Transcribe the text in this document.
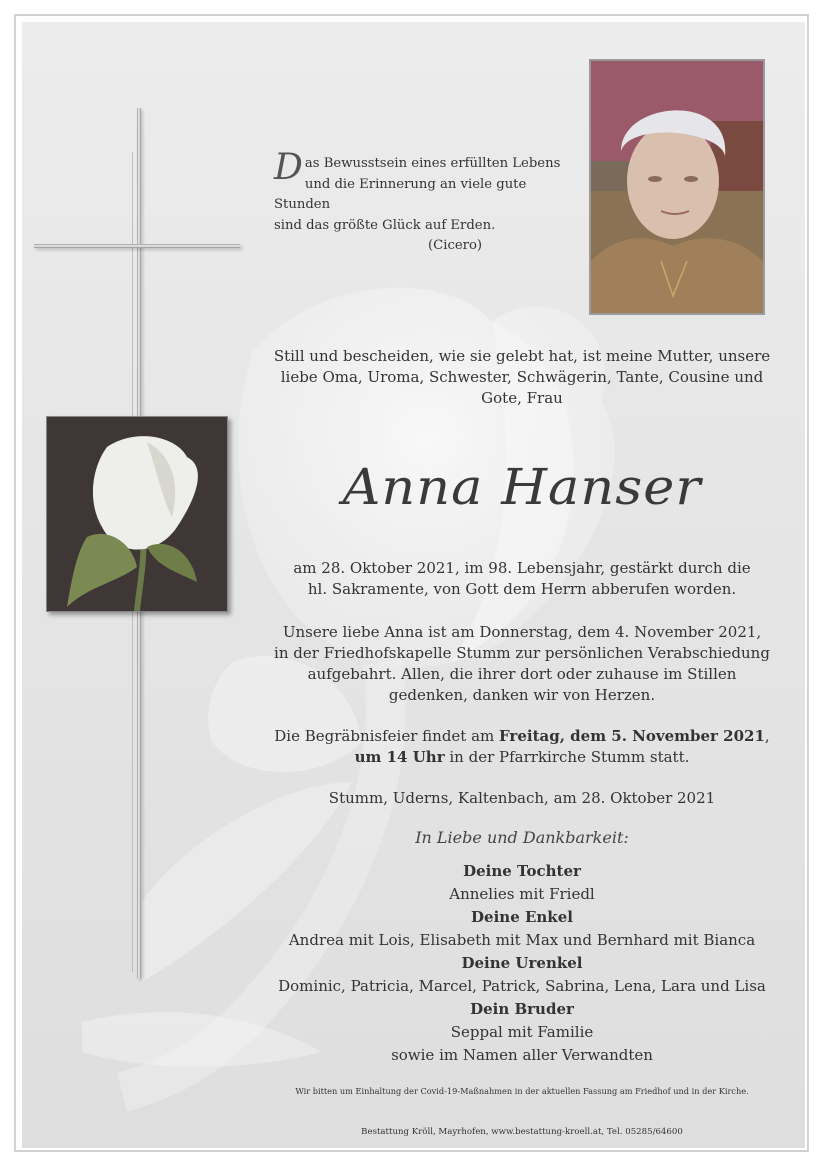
D as Bewusstsein eines erfüllten Lebens
und die Erinnerung an viele gute Stunden
sind das größte Glück auf Erden.
(Cicero)
Still und bescheiden, wie sie gelebt hat, ist meine Mutter, unsere liebe Oma, Uroma, Schwester, Schwägerin, Tante, Cousine und Gote, Frau
Anna Hanser
am 28. Oktober 2021, im 98. Lebensjahr, gestärkt durch die
hl. Sakramente, von Gott dem Herrn abberufen worden.
Unsere liebe Anna ist am Donnerstag, dem 4. November 2021,
in der Friedhofskapelle Stumm zur persönlichen Verabschiedung
aufgebahrt. Allen, die ihrer dort oder zuhause im Stillen
gedenken, danken wir von Herzen.
Die Begräbnisfeier findet am Freitag, dem 5. November 2021,
um 14 Uhr in der Pfarrkirche Stumm statt.
Stumm, Uderns, Kaltenbach, am 28. Oktober 2021
In Liebe und Dankbarkeit:
Deine Tochter
Annelies mit Friedl
Deine Enkel
Andrea mit Lois, Elisabeth mit Max und Bernhard mit Bianca
Deine Urenkel
Dominic, Patricia, Marcel, Patrick, Sabrina, Lena, Lara und Lisa
Dein Bruder
Seppal mit Familie
sowie im Namen aller Verwandten
Wir bitten um Einhaltung der Covid-19-Maßnahmen in der aktuellen Fassung am Friedhof und in der Kirche.
Bestattung Kröll, Mayrhofen, www.bestattung-kroell.at, Tel. 05285/64600
